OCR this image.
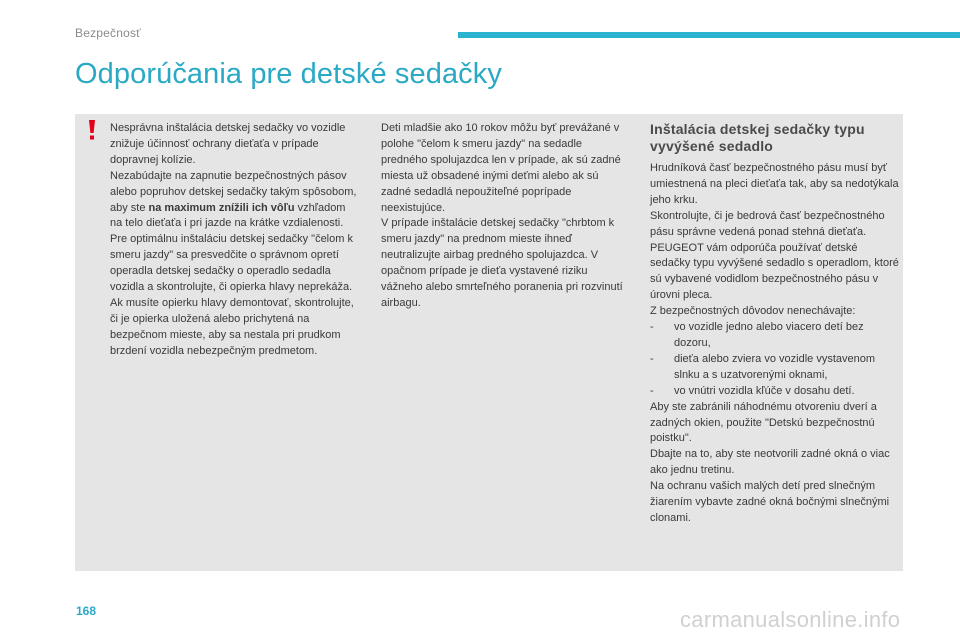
Bezpečnosť
Odporúčania pre detské sedačky

Nesprávna inštalácia detskej sedačky vo vozidle znižuje účinnosť ochrany dieťaťa v prípade dopravnej kolízie.

Nezabúdajte na zapnutie bezpečnostných pásov alebo popruhov detskej sedačky takým spôsobom, aby ste na maximum znížili ich vôľu vzhľadom na telo dieťaťa i pri jazde na krátke vzdialenosti.

Pre optimálnu inštaláciu detskej sedačky "čelom k smeru jazdy" sa presvedčite o správnom opretí operadla detskej sedačky o operadlo sedadla vozidla a skontrolujte, či opierka hlavy neprekáža.

Ak musíte opierku hlavy demontovať, skontrolujte, či je opierka uložená alebo prichytená na bezpečnom mieste, aby sa nestala pri prudkom brzdení vozidla nebezpečným predmetom.

Deti mladšie ako 10 rokov môžu byť prevážané v polohe "čelom k smeru jazdy" na sedadle predného spolujazdca len v prípade, ak sú zadné miesta už obsadené inými deťmi alebo ak sú zadné sedadlá nepoužiteľné poprípade neexistujúce.

V prípade inštalácie detskej sedačky "chrbtom k smeru jazdy" na prednom mieste ihneď neutralizujte airbag predného spolujazdca. V opačnom prípade je dieťa vystavené riziku vážneho alebo smrteľného poranenia pri rozvinutí airbagu.

Inštalácia detskej sedačky typu vyvýšené sedadlo

Hrudníková časť bezpečnostného pásu musí byť umiestnená na pleci dieťaťa tak, aby sa nedotýkala jeho krku.

Skontrolujte, či je bedrová časť bezpečnostného pásu správne vedená ponad stehná dieťaťa.

PEUGEOT vám odporúča používať detské sedačky typu vyvýšené sedadlo s operadlom, ktoré sú vybavené vodidlom bezpečnostného pásu v úrovni pleca.

Z bezpečnostných dôvodov nenechávajte:

-	vo vozidle jedno alebo viacero detí bez dozoru,
-	dieťa alebo zviera vo vozidle vystavenom slnku a s uzatvorenými oknami,
-	vo vnútri vozidla kľúče v dosahu detí.

Aby ste zabránili náhodnému otvoreniu dverí a zadných okien, použite "Detskú bezpečnostnú poistku".

Dbajte na to, aby ste neotvorili zadné okná o viac ako jednu tretinu.

Na ochranu vašich malých detí pred slnečným žiarením vybavte zadné okná bočnými slnečnými clonami.

168	carmanualsonline.info
